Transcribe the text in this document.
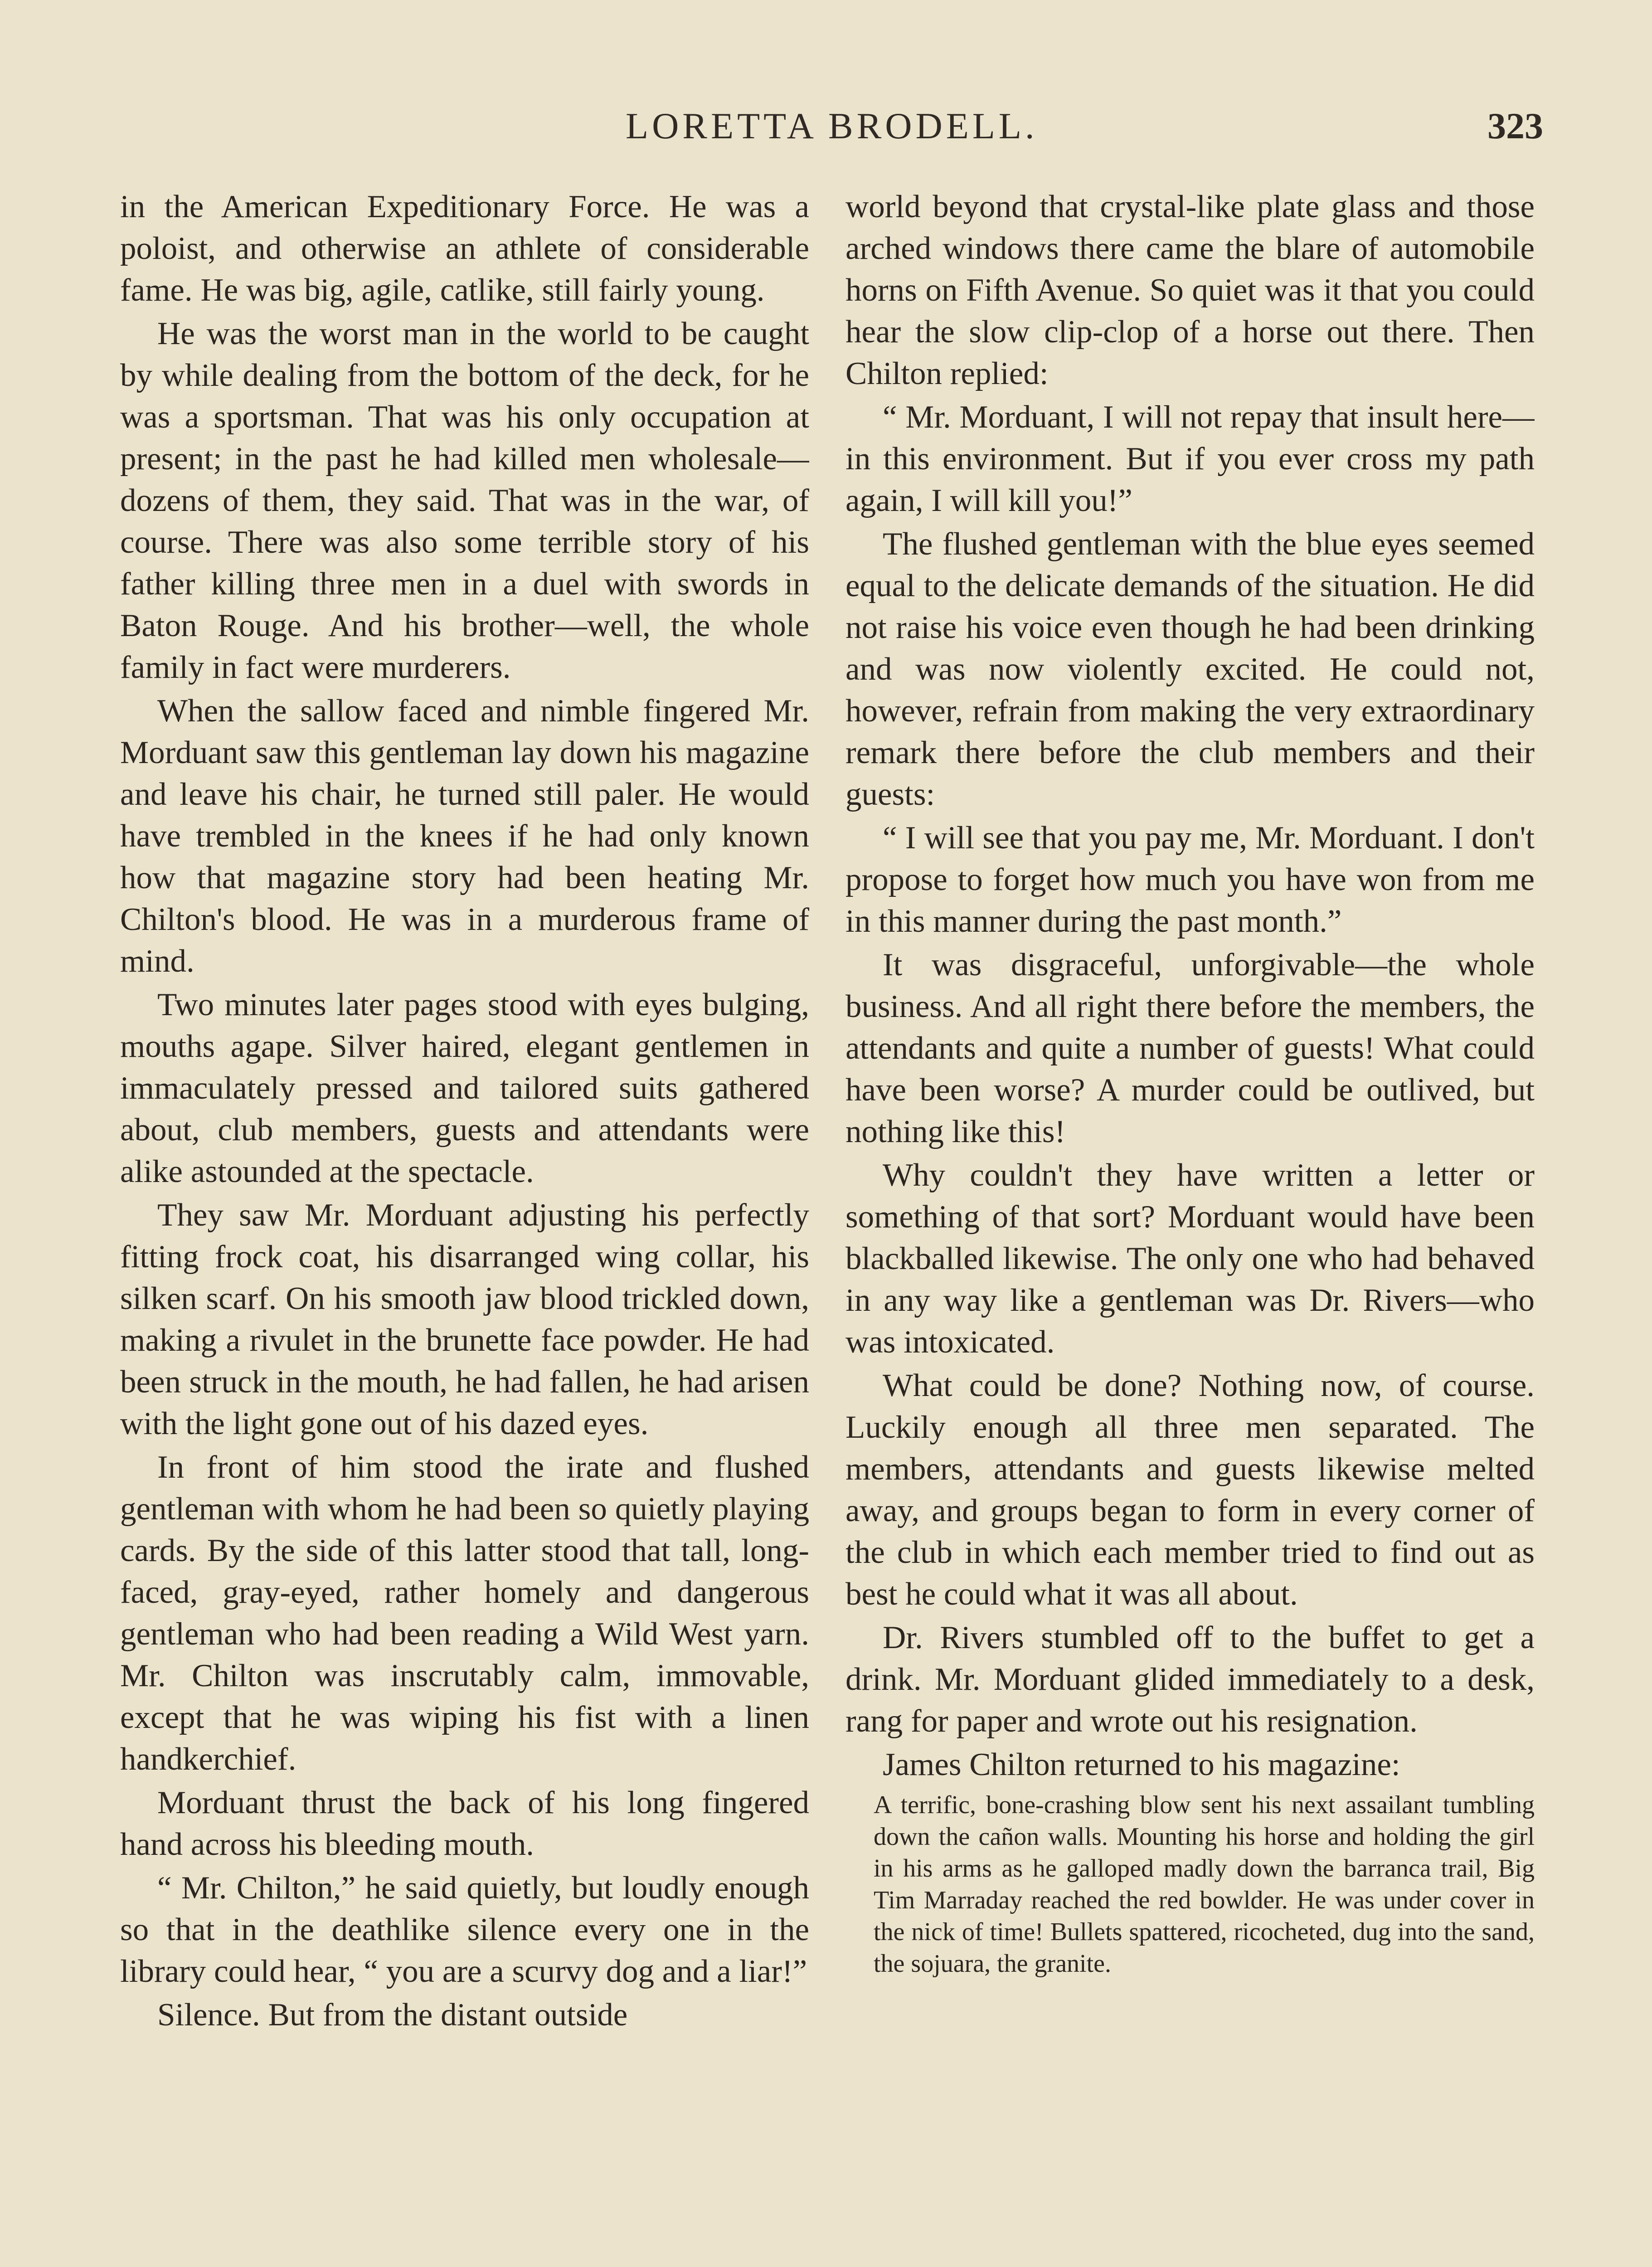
LORETTA BRODELL.	323

in the American Expeditionary Force. He was a poloist, and otherwise an athlete of considerable fame. He was big, agile, catlike, still fairly young.

He was the worst man in the world to be caught by while dealing from the bottom of the deck, for he was a sportsman. That was his only occupation at present; in the past he had killed men wholesale—dozens of them, they said. That was in the war, of course. There was also some terrible story of his father killing three men in a duel with swords in Baton Rouge. And his brother—well, the whole family in fact were murderers.

When the sallow faced and nimble fingered Mr. Morduant saw this gentleman lay down his magazine and leave his chair, he turned still paler. He would have trembled in the knees if he had only known how that magazine story had been heating Mr. Chilton's blood. He was in a murderous frame of mind.

Two minutes later pages stood with eyes bulging, mouths agape. Silver haired, elegant gentlemen in immaculately pressed and tailored suits gathered about, club members, guests and attendants were alike astounded at the spectacle.

They saw Mr. Morduant adjusting his perfectly fitting frock coat, his disarranged wing collar, his silken scarf. On his smooth jaw blood trickled down, making a rivulet in the brunette face powder. He had been struck in the mouth, he had fallen, he had arisen with the light gone out of his dazed eyes.

In front of him stood the irate and flushed gentleman with whom he had been so quietly playing cards. By the side of this latter stood that tall, long-faced, gray-eyed, rather homely and dangerous gentleman who had been reading a Wild West yarn. Mr. Chilton was inscrutably calm, immovable, except that he was wiping his fist with a linen handkerchief.

Morduant thrust the back of his long fingered hand across his bleeding mouth.

“ Mr. Chilton,” he said quietly, but loudly enough so that in the deathlike silence every one in the library could hear, “ you are a scurvy dog and a liar!”

Silence. But from the distant outside

world beyond that crystal-like plate glass and those arched windows there came the blare of automobile horns on Fifth Avenue. So quiet was it that you could hear the slow clip-clop of a horse out there. Then Chilton replied:

“ Mr. Morduant, I will not repay that insult here—in this environment. But if you ever cross my path again, I will kill you!”

The flushed gentleman with the blue eyes seemed equal to the delicate demands of the situation. He did not raise his voice even though he had been drinking and was now violently excited. He could not, however, refrain from making the very extraordinary remark there before the club members and their guests:

“ I will see that you pay me, Mr. Morduant. I don't propose to forget how much you have won from me in this manner during the past month.”

It was disgraceful, unforgivable—the whole business. And all right there before the members, the attendants and quite a number of guests! What could have been worse? A murder could be outlived, but nothing like this!

Why couldn't they have written a letter or something of that sort? Morduant would have been blackballed likewise. The only one who had behaved in any way like a gentleman was Dr. Rivers—who was intoxicated.

What could be done? Nothing now, of course. Luckily enough all three men separated. The members, attendants and guests likewise melted away, and groups began to form in every corner of the club in which each member tried to find out as best he could what it was all about.

Dr. Rivers stumbled off to the buffet to get a drink. Mr. Morduant glided immediately to a desk, rang for paper and wrote out his resignation.

James Chilton returned to his magazine:

A terrific, bone-crashing blow sent his next assailant tumbling down the cañon walls. Mounting his horse and holding the girl in his arms as he galloped madly down the barranca trail, Big Tim Marraday reached the red bowlder. He was under cover in the nick of time! Bullets spattered, ricocheted, dug into the sand, the sojuara, the granite.
